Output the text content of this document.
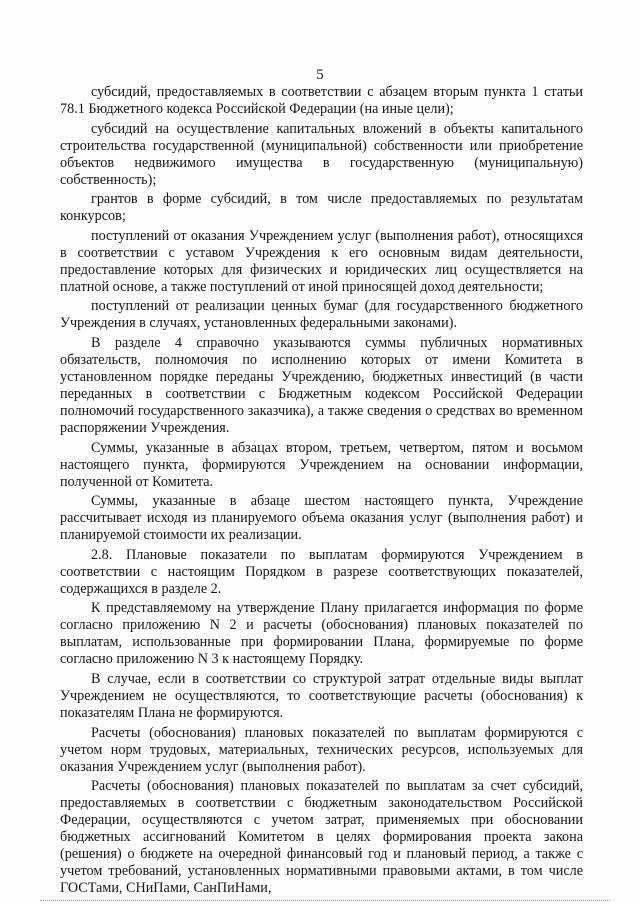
5

субсидий, предоставляемых в соответствии с абзацем вторым пункта 1 статьи 78.1 Бюджетного кодекса Российской Федерации (на иные цели);

субсидий на осуществление капитальных вложений в объекты капитального строительства государственной (муниципальной) собственности или приобретение объектов недвижимого имущества в государственную (муниципальную) собственность);

грантов в форме субсидий, в том числе предоставляемых по результатам конкурсов;

поступлений от оказания Учреждением услуг (выполнения работ), относящихся в соответствии с уставом Учреждения к его основным видам деятельности, предоставление которых для физических и юридических лиц осуществляется на платной основе, а также поступлений от иной приносящей доход деятельности;

поступлений от реализации ценных бумаг (для государственного бюджетного Учреждения в случаях, установленных федеральными законами).

В разделе 4 справочно указываются суммы публичных нормативных обязательств, полномочия по исполнению которых от имени Комитета в установленном порядке переданы Учреждению, бюджетных инвестиций (в части переданных в соответствии с Бюджетным кодексом Российской Федерации полномочий государственного заказчика), а также сведения о средствах во временном распоряжении Учреждения.

Суммы, указанные в абзацах втором, третьем, четвертом, пятом и восьмом настоящего пункта, формируются Учреждением на основании информации, полученной от Комитета.

Суммы, указанные в абзаце шестом настоящего пункта, Учреждение рассчитывает исходя из планируемого объема оказания услуг (выполнения работ) и планируемой стоимости их реализации.

2.8. Плановые показатели по выплатам формируются Учреждением в соответствии с настоящим Порядком в разрезе соответствующих показателей, содержащихся в разделе 2.

К представляемому на утверждение Плану прилагается информация по форме согласно приложению N 2 и расчеты (обоснования) плановых показателей по выплатам, использованные при формировании Плана, формируемые по форме согласно приложению N 3 к настоящему Порядку.

В случае, если в соответствии со структурой затрат отдельные виды выплат Учреждением не осуществляются, то соответствующие расчеты (обоснования) к показателям Плана не формируются.

Расчеты (обоснования) плановых показателей по выплатам формируются с учетом норм трудовых, материальных, технических ресурсов, используемых для оказания Учреждением услуг (выполнения работ).

Расчеты (обоснования) плановых показателей по выплатам за счет субсидий, предоставляемых в соответствии с бюджетным законодательством Российской Федерации, осуществляются с учетом затрат, применяемых при обосновании бюджетных ассигнований Комитетом в целях формирования проекта закона (решения) о бюджете на очередной финансовый год и плановый период, а также с учетом требований, установленных нормативными правовыми актами, в том числе ГОСТами, СНиПами, СанПиНами,
